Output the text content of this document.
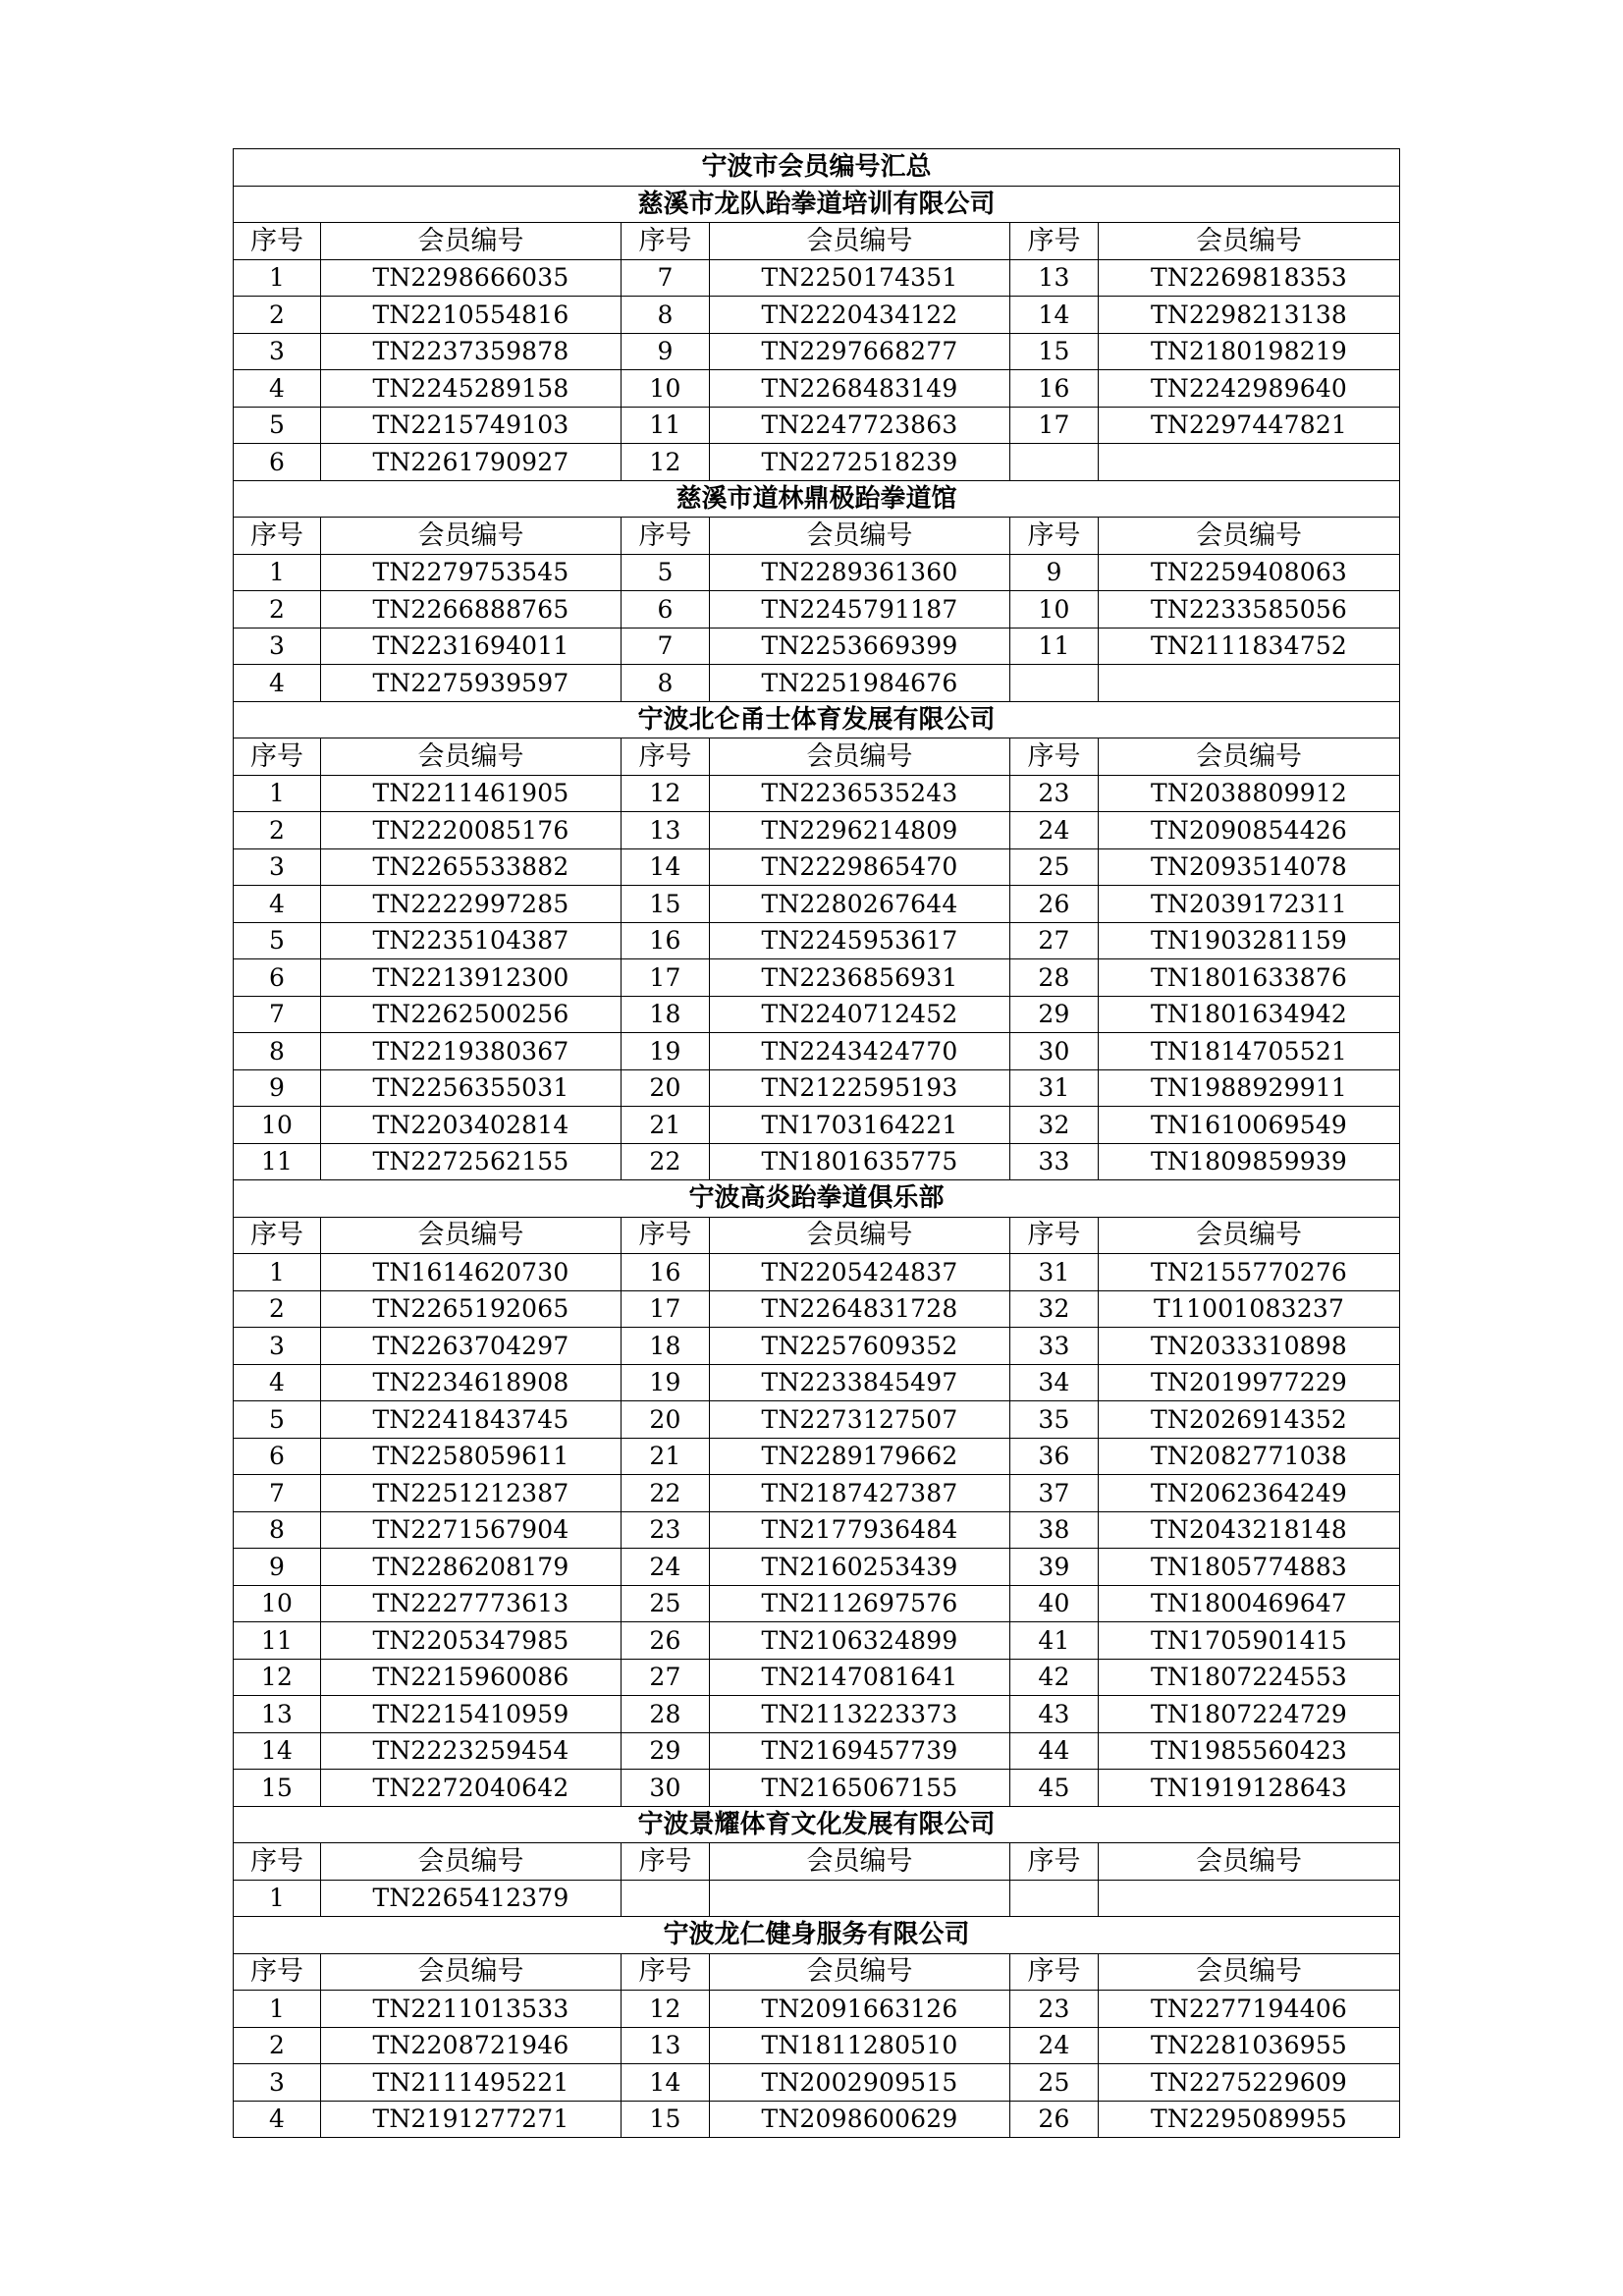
宁波市会员编号汇总					
慈溪市龙队跆拳道培训有限公司					
序号	会员编号	序号	会员编号	序号	会员编号
1	TN2298666035	7	TN2250174351	13	TN2269818353
2	TN2210554816	8	TN2220434122	14	TN2298213138
3	TN2237359878	9	TN2297668277	15	TN2180198219
4	TN2245289158	10	TN2268483149	16	TN2242989640
5	TN2215749103	11	TN2247723863	17	TN2297447821
6	TN2261790927	12	TN2272518239		
慈溪市道林鼎极跆拳道馆					
序号	会员编号	序号	会员编号	序号	会员编号
1	TN2279753545	5	TN2289361360	9	TN2259408063
2	TN2266888765	6	TN2245791187	10	TN2233585056
3	TN2231694011	7	TN2253669399	11	TN2111834752
4	TN2275939597	8	TN2251984676		
宁波北仑甬士体育发展有限公司					
序号	会员编号	序号	会员编号	序号	会员编号
1	TN2211461905	12	TN2236535243	23	TN2038809912
2	TN2220085176	13	TN2296214809	24	TN2090854426
3	TN2265533882	14	TN2229865470	25	TN2093514078
4	TN2222997285	15	TN2280267644	26	TN2039172311
5	TN2235104387	16	TN2245953617	27	TN1903281159
6	TN2213912300	17	TN2236856931	28	TN1801633876
7	TN2262500256	18	TN2240712452	29	TN1801634942
8	TN2219380367	19	TN2243424770	30	TN1814705521
9	TN2256355031	20	TN2122595193	31	TN1988929911
10	TN2203402814	21	TN1703164221	32	TN1610069549
11	TN2272562155	22	TN1801635775	33	TN1809859939
宁波高炎跆拳道俱乐部					
序号	会员编号	序号	会员编号	序号	会员编号
1	TN1614620730	16	TN2205424837	31	TN2155770276
2	TN2265192065	17	TN2264831728	32	T11001083237
3	TN2263704297	18	TN2257609352	33	TN2033310898
4	TN2234618908	19	TN2233845497	34	TN2019977229
5	TN2241843745	20	TN2273127507	35	TN2026914352
6	TN2258059611	21	TN2289179662	36	TN2082771038
7	TN2251212387	22	TN2187427387	37	TN2062364249
8	TN2271567904	23	TN2177936484	38	TN2043218148
9	TN2286208179	24	TN2160253439	39	TN1805774883
10	TN2227773613	25	TN2112697576	40	TN1800469647
11	TN2205347985	26	TN2106324899	41	TN1705901415
12	TN2215960086	27	TN2147081641	42	TN1807224553
13	TN2215410959	28	TN2113223373	43	TN1807224729
14	TN2223259454	29	TN2169457739	44	TN1985560423
15	TN2272040642	30	TN2165067155	45	TN1919128643
宁波景耀体育文化发展有限公司					
序号	会员编号	序号	会员编号	序号	会员编号
1	TN2265412379				
宁波龙仁健身服务有限公司					
序号	会员编号	序号	会员编号	序号	会员编号
1	TN2211013533	12	TN2091663126	23	TN2277194406
2	TN2208721946	13	TN1811280510	24	TN2281036955
3	TN2111495221	14	TN2002909515	25	TN2275229609
4	TN2191277271	15	TN2098600629	26	TN2295089955
